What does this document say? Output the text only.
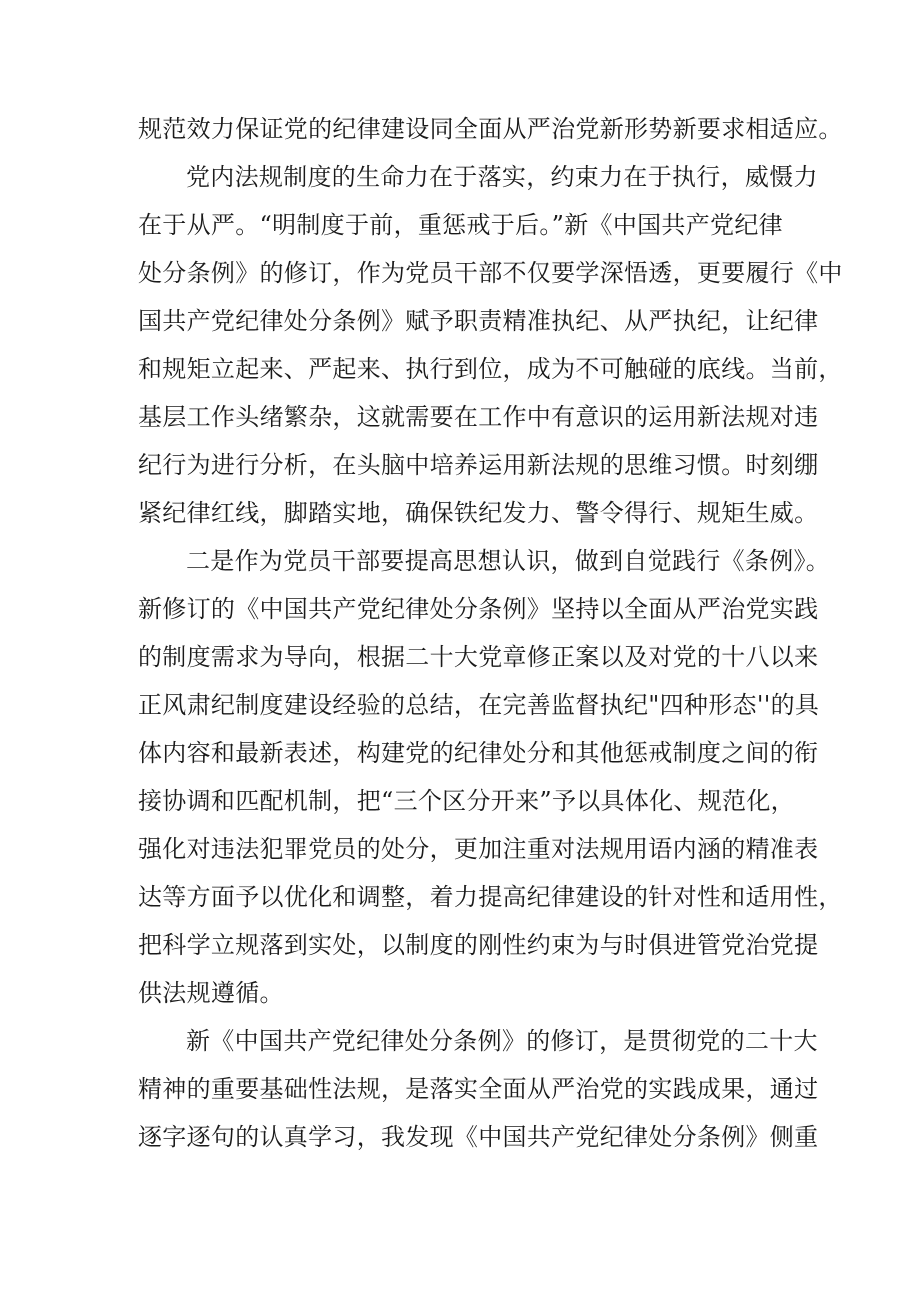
规范效力保证党的纪律建设同全面从严治党新形势新要求相适应。
党内法规制度的生命力在于落实，约束力在于执行，威慑力
在于从严。“明制度于前，重惩戒于后。”新《中国共产党纪律
处分条例》的修订，作为党员干部不仅要学深悟透，更要履行《中
国共产党纪律处分条例》赋予职责精准执纪、从严执纪，让纪律
和规矩立起来、严起来、执行到位，成为不可触碰的底线。当前，
基层工作头绪繁杂，这就需要在工作中有意识的运用新法规对违
纪行为进行分析，在头脑中培养运用新法规的思维习惯。时刻绷
紧纪律红线，脚踏实地，确保铁纪发力、警令得行、规矩生威。
二是作为党员干部要提高思想认识，做到自觉践行《条例》。
新修订的《中国共产党纪律处分条例》坚持以全面从严治党实践
的制度需求为导向，根据二十大党章修正案以及对党的十八以来
正风肃纪制度建设经验的总结，在完善监督执纪"四种形态''的具
体内容和最新表述，构建党的纪律处分和其他惩戒制度之间的衔
接协调和匹配机制，把“三个区分开来”予以具体化、规范化，
强化对违法犯罪党员的处分，更加注重对法规用语内涵的精准表
达等方面予以优化和调整，着力提高纪律建设的针对性和适用性，
把科学立规落到实处，以制度的刚性约束为与时俱进管党治党提
供法规遵循。
新《中国共产党纪律处分条例》的修订，是贯彻党的二十大
精神的重要基础性法规，是落实全面从严治党的实践成果，通过
逐字逐句的认真学习，我发现《中国共产党纪律处分条例》侧重
